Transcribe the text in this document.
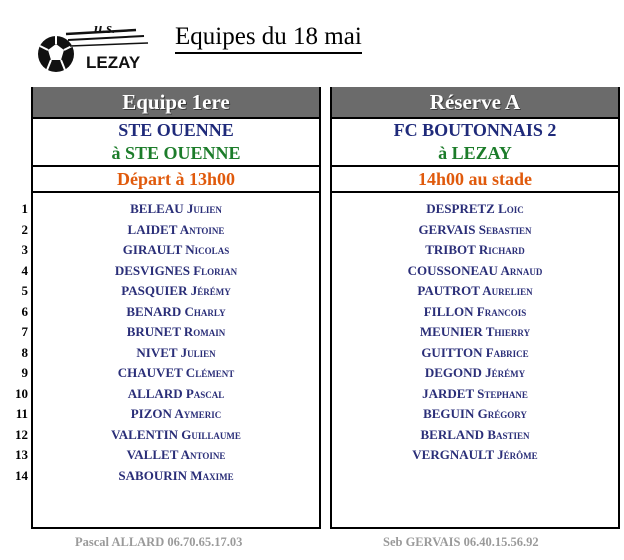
u.s.
LEZAY
Equipes du 18 mai
1
2
3
4
5
6
7
8
9
10
11
12
13
14
Equipe 1ere
STE OUENNE
à STE OUENNE
Départ à 13h00
BELEAU Julien
LAIDET Antoine
GIRAULT Nicolas
DESVIGNES Florian
PASQUIER Jérémy
BENARD Charly
BRUNET Romain
NIVET Julien
CHAUVET Clément
ALLARD Pascal
PIZON Aymeric
VALENTIN Guillaume
VALLET Antoine
SABOURIN Maxime
Réserve A
FC BOUTONNAIS 2
à LEZAY
14h00 au stade
DESPRETZ Loic
GERVAIS Sebastien
TRIBOT Richard
COUSSONEAU Arnaud
PAUTROT Aurelien
FILLON Francois
MEUNIER Thierry
GUITTON Fabrice
DEGOND Jérémy
JARDET Stephane
BEGUIN Grégory
BERLAND Bastien
VERGNAULT Jérôme
Pascal ALLARD 06.70.65.17.03	Seb GERVAIS 06.40.15.56.92
